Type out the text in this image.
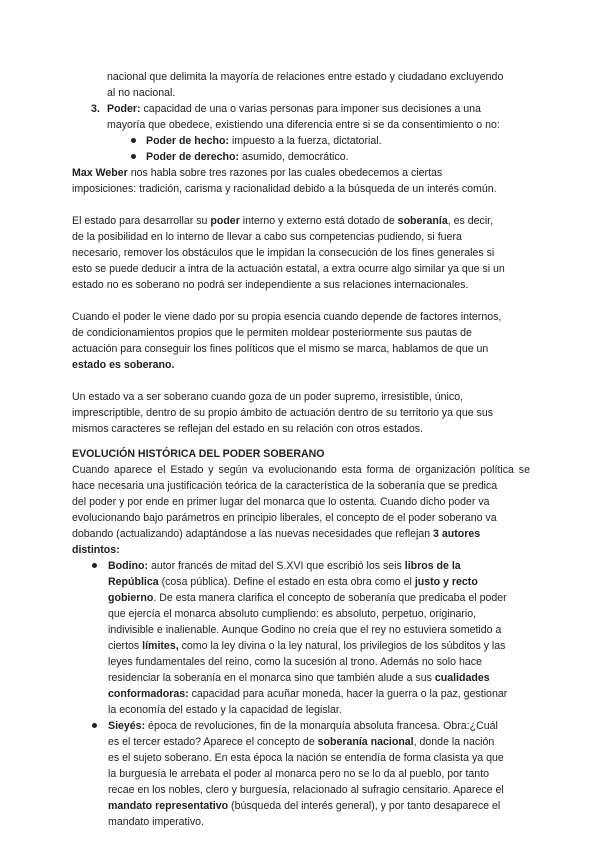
nacional que delimita la mayoría de relaciones entre estado y ciudadano excluyendo
al no nacional.
3. Poder: capacidad de una o varias personas para imponer sus decisiones a una
mayoría que obedece, existiendo una diferencia entre si se da consentimiento o no:
Poder de hecho: impuesto a la fuerza, dictatorial.
Poder de derecho: asumido, democrático.
Max Weber nos habla sobre tres razones por las cuales obedecemos a ciertas
imposiciones: tradición, carisma y racionalidad debido a la búsqueda de un interés común.
El estado para desarrollar su poder interno y externo está dotado de soberanía, es decir,
de la posibilidad en lo interno de llevar a cabo sus competencias pudiendo, si fuera
necesario, remover los obstáculos que le impidan la consecución de los fines generales si
esto se puede deducir a intra de la actuación estatal, a extra ocurre algo similar ya que si un
estado no es soberano no podrá ser independiente a sus relaciones internacionales.
Cuando el poder le viene dado por su propia esencia cuando depende de factores internos,
de condicionamientos propios que le permiten moldear posteriormente sus pautas de
actuación para conseguir los fines políticos que el mismo se marca, hablamos de que un
estado es soberano.
Un estado va a ser soberano cuando goza de un poder supremo, irresistible, único,
imprescriptible, dentro de su propio ámbito de actuación dentro de su territorio ya que sus
mismos caracteres se reflejan del estado en su relación con otros estados.
EVOLUCIÓN HISTÓRICA DEL PODER SOBERANO
Cuando aparece el Estado y según va evolucionando esta forma de organización política se
hace necesaria una justificación teórica de la característica de la soberanía que se predica
del poder y por ende en primer lugar del monarca que lo ostenta. Cuando dicho poder va
evolucionando bajo parámetros en principio liberales, el concepto de el poder soberano va
dobando (actualizando) adaptándose a las nuevas necesidades que reflejan 3 autores
distintos:
Bodino: autor francés de mitad del S.XVI que escribió los seis libros de la
República (cosa pública). Define el estado en esta obra como el justo y recto
gobierno. De esta manera clarifica el concepto de soberanía que predicaba el poder
que ejercía el monarca absoluto cumpliendo: es absoluto, perpetuo, originario,
indivisible e inalienable. Aunque Godino no creía que el rey no estuviera sometido a
ciertos límites, como la ley divina o la ley natural, los privilegios de los súbditos y las
leyes fundamentales del reino, como la sucesión al trono. Además no solo hace
residenciar la soberanía en el monarca sino que también alude a sus cualidades
conformadoras: capacidad para acuñar moneda, hacer la guerra o la paz, gestionar
la economía del estado y la capacidad de legislar.
Sieyés: época de revoluciones, fin de la monarquía absoluta francesa. Obra:¿Cuál
es el tercer estado? Aparece el concepto de soberanía nacional, donde la nación
es el sujeto soberano. En esta época la nación se entendía de forma clasista ya que
la burguesía le arrebata el poder al monarca pero no se lo da al pueblo, por tanto
recae en los nobles, clero y burguesía, relacionado al sufragio censitario. Aparece el
mandato representativo (búsqueda del interés general), y por tanto desaparece el
mandato imperativo.
